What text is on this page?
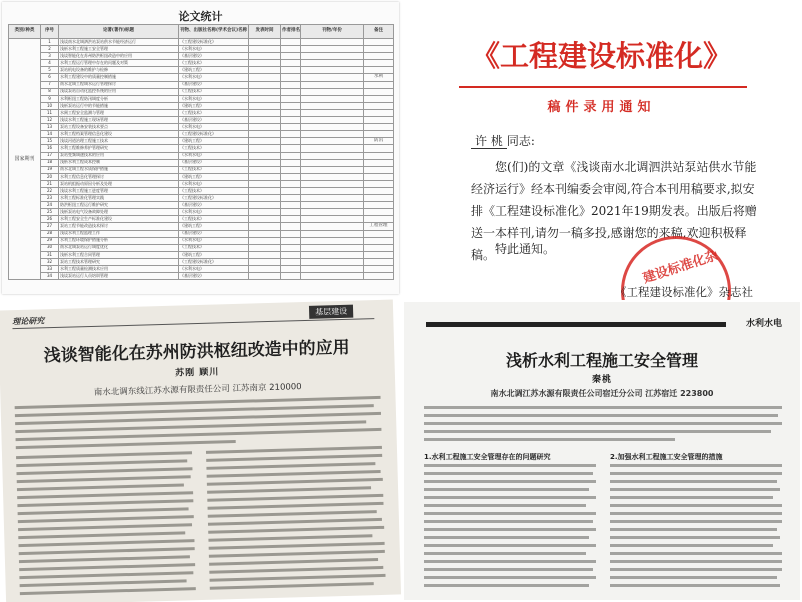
论文统计
类别/种类	序号	论著(著作)标题	刊物、出版社名称(学术会议)名称	发表时间	作者排名	刊物/年份	备注
国家期刊	1	浅谈南水北调泗洪站泵站供水节能经济运行	《工程建设标准化》				
	2	浅析水利工程施工安全管理	《水利水电》				
	3	浅谈智能化在苏州防洪枢纽改造中的应用	《基层建设》				
	4	水利工程运行管理中存在的问题及对策	《工程技术》				
	5	泵站机电设备的维护与检修	《建筑工程》				
	6	水利工程建设中的质量控制措施	《水利水电》				水利
	7	南水北调工程调水运行管理探讨	《基层建设》				
	8	浅谈泵站自动化监控系统的应用	《工程技术》				
	9	水利枢纽工程防汛调度分析	《水利水电》				
	10	浅析泵站运行中的节能措施	《建筑工程》				
	11	水闸工程安全监测与管理	《工程技术》				
	12	浅谈水利工程施工现场管理	《基层建设》				
	13	泵站工程设备安装技术要点	《水利水电》				
	14	水利工程档案管理信息化建设	《工程建设标准化》				
	15	浅谈河道治理工程施工技术	《建筑工程》				防汛
	16	水利工程维修养护管理研究	《工程技术》				
	17	泵站变频调速技术的应用	《水利水电》				
	18	浅析水利工程成本控制	《基层建设》				
	19	南水北调工程水质保护措施	《工程技术》				
	20	水利工程信息化管理探讨	《建筑工程》				
	21	泵站机组振动原因分析及处理	《水利水电》				
	22	浅谈水利工程施工进度管理	《工程技术》				
	23	水利工程标准化管理实践	《工程建设标准化》				
	24	防洪枢纽工程运行维护研究	《基层建设》				
	25	浅析泵站电气设备故障处理	《水利水电》				
	26	水利工程安全生产标准化建设	《工程技术》				
	27	泵站工程节能改造技术探讨	《建筑工程》				工程管理
	28	浅谈水利工程监理工作	《基层建设》				
	29	水利工程环境保护措施分析	《水利水电》				
	30	南水北调泵站运行调度优化	《工程技术》				
	31	浅析水利工程合同管理	《建筑工程》				
	32	泵站工程技术管理研究	《工程建设标准化》				
	33	水利工程质量检测技术应用	《水利水电》				
	34	浅谈泵站运行人员培训管理	《基层建设》				
《工程建设标准化》
稿件录用通知
许 桃 同志:
您(们)的文章《浅谈南水北调泗洪站泵站供水节能经济运行》经本刊编委会审阅,符合本刊用稿要求,拟安排《工程建设标准化》2021年19期发表。出版后将赠送一本样刊,请勿一稿多投,感谢您的来稿,欢迎积极释稿。 特此通知。	建设标准化杂
《工程建设标准化》杂志社
理论研究
基层建设
浅谈智能化在苏州防洪枢纽改造中的应用
苏刚 顾川
南水北调东线江苏水源有限责任公司 江苏南京 210000
水利水电
浅析水利工程施工安全管理
秦桃
南水北调江苏水源有限责任公司宿迁分公司 江苏宿迁 223800
1.水利工程施工安全管理存在的问题研究	2.加强水利工程施工安全管理的措施
